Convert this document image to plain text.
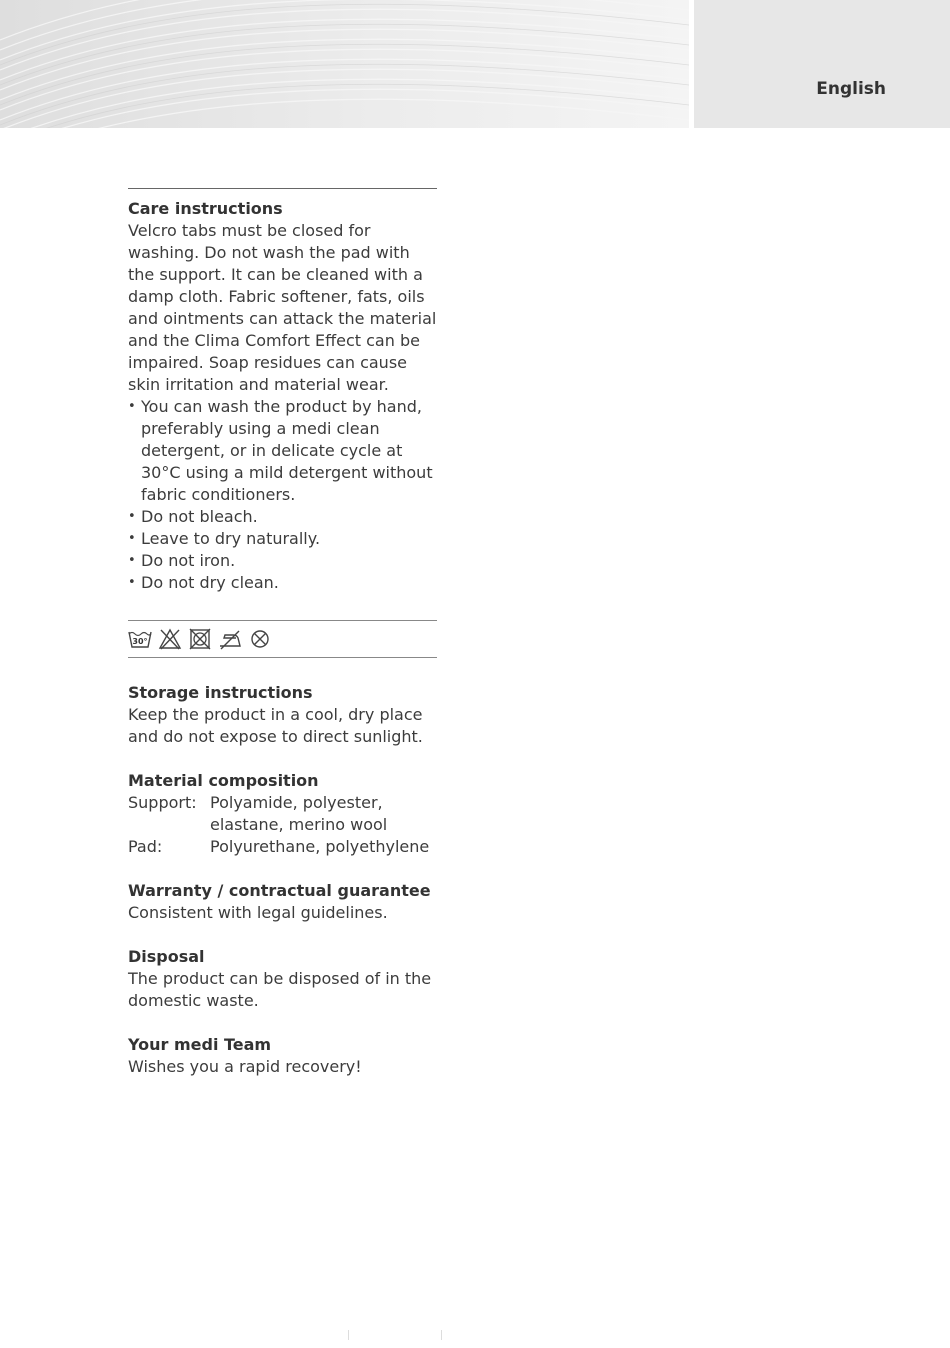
English

Care instructions

Velcro tabs must be closed for washing. Do not wash the pad with the support. It can be cleaned with a damp cloth. Fabric softener, fats, oils and ointments can attack the material and the Clima Comfort Effect can be impaired. Soap residues can cause skin irritation and material wear.

• You can wash the product by hand, preferably using a medi clean detergent, or in delicate cycle at 30°C using a mild detergent without fabric conditioners.
• Do not bleach.
• Leave to dry naturally.
• Do not iron.
• Do not dry clean.
30°

Storage instructions

Keep the product in a cool, dry place and do not expose to direct sunlight.

Material composition

Support: Polyamide, polyester, elastane, merino wool
Pad:	Polyurethane, polyethylene

Warranty / contractual guarantee

Consistent with legal guidelines.

Disposal

The product can be disposed of in the domestic waste.

Your medi Team

Wishes you a rapid recovery!
